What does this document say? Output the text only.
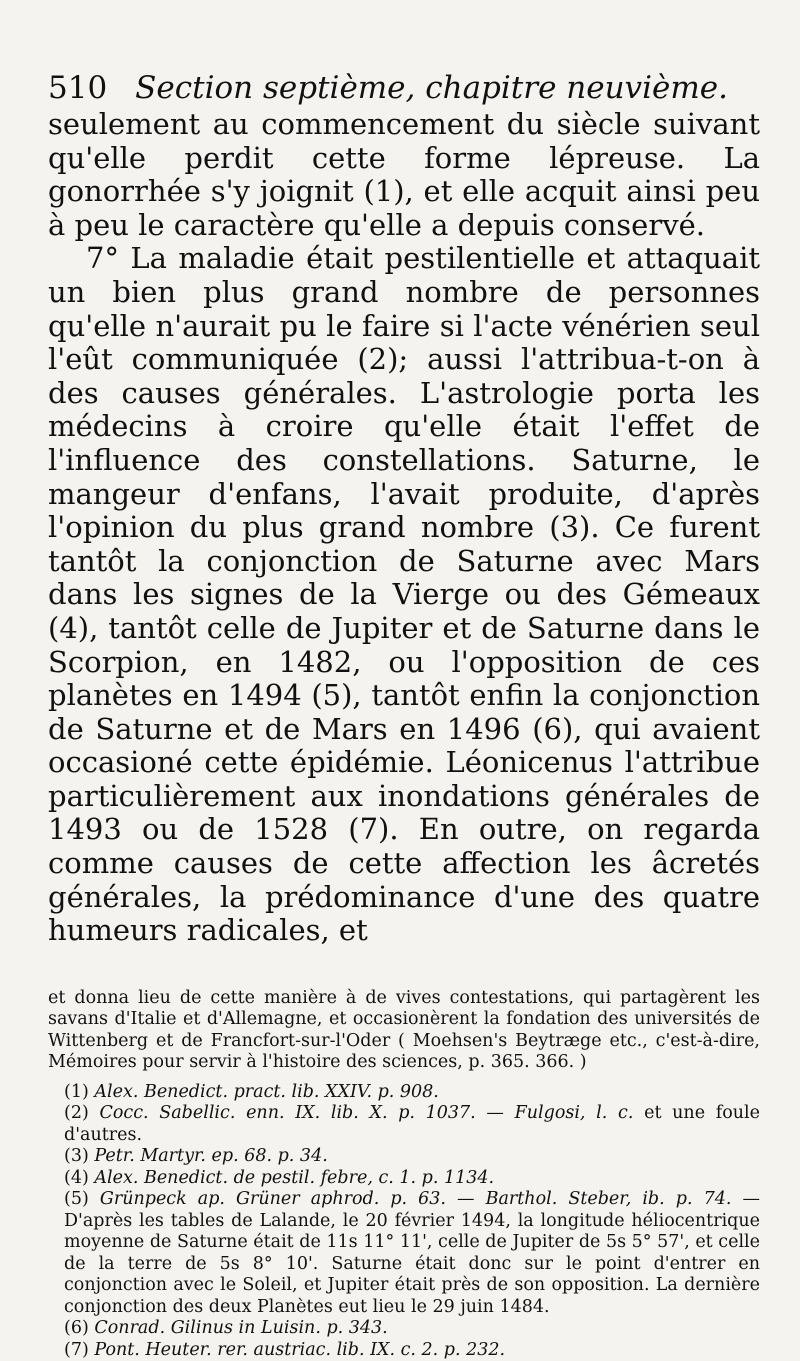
510 Section septième, chapitre neuvième.

seulement au commencement du siècle suivant qu'elle perdit cette forme lépreuse. La gonorrhée s'y joignit (1), et elle acquit ainsi peu à peu le caractère qu'elle a depuis conservé.

7° La maladie était pestilentielle et attaquait un bien plus grand nombre de personnes qu'elle n'aurait pu le faire si l'acte vénérien seul l'eût communiquée (2); aussi l'attribua-t-on à des causes générales. L'astrologie porta les médecins à croire qu'elle était l'effet de l'influence des constellations. Saturne, le mangeur d'enfans, l'avait produite, d'après l'opinion du plus grand nombre (3). Ce furent tantôt la conjonction de Saturne avec Mars dans les signes de la Vierge ou des Gémeaux (4), tantôt celle de Jupiter et de Saturne dans le Scorpion, en 1482, ou l'opposition de ces planètes en 1494 (5), tantôt enfin la conjonction de Saturne et de Mars en 1496 (6), qui avaient occasioné cette épidémie. Léonicenus l'attribue particulièrement aux inondations générales de 1493 ou de 1528 (7). En outre, on regarda comme causes de cette affection les âcretés générales, la prédominance d'une des quatre humeurs radicales, et

et donna lieu de cette manière à de vives contestations, qui partagèrent les savans d'Italie et d'Allemagne, et occasionèrent la fondation des universités de Wittenberg et de Francfort-sur-l'Oder ( Moehsen's Beytræge etc., c'est-à-dire, Mémoires pour servir à l'histoire des sciences, p. 365. 366. )

(1) Alex. Benedict. pract. lib. XXIV. p. 908.

(2) Cocc. Sabellic. enn. IX. lib. X. p. 1037. — Fulgosi, l. c. et une foule d'autres.

(3) Petr. Martyr. ep. 68. p. 34.

(4) Alex. Benedict. de pestil. febre, c. 1. p. 1134.

(5) Grünpeck ap. Grüner aphrod. p. 63. — Barthol. Steber, ib. p. 74. — D'après les tables de Lalande, le 20 février 1494, la longitude héliocentrique moyenne de Saturne était de 11s 11° 11', celle de Jupiter de 5s 5° 57', et celle de la terre de 5s 8° 10'. Saturne était donc sur le point d'entrer en conjonction avec le Soleil, et Jupiter était près de son opposition. La dernière conjonction des deux Planètes eut lieu le 29 juin 1484.

(6) Conrad. Gilinus in Luisin. p. 343.

(7) Pont. Heuter. rer. austriac. lib. IX. c. 2. p. 232.
